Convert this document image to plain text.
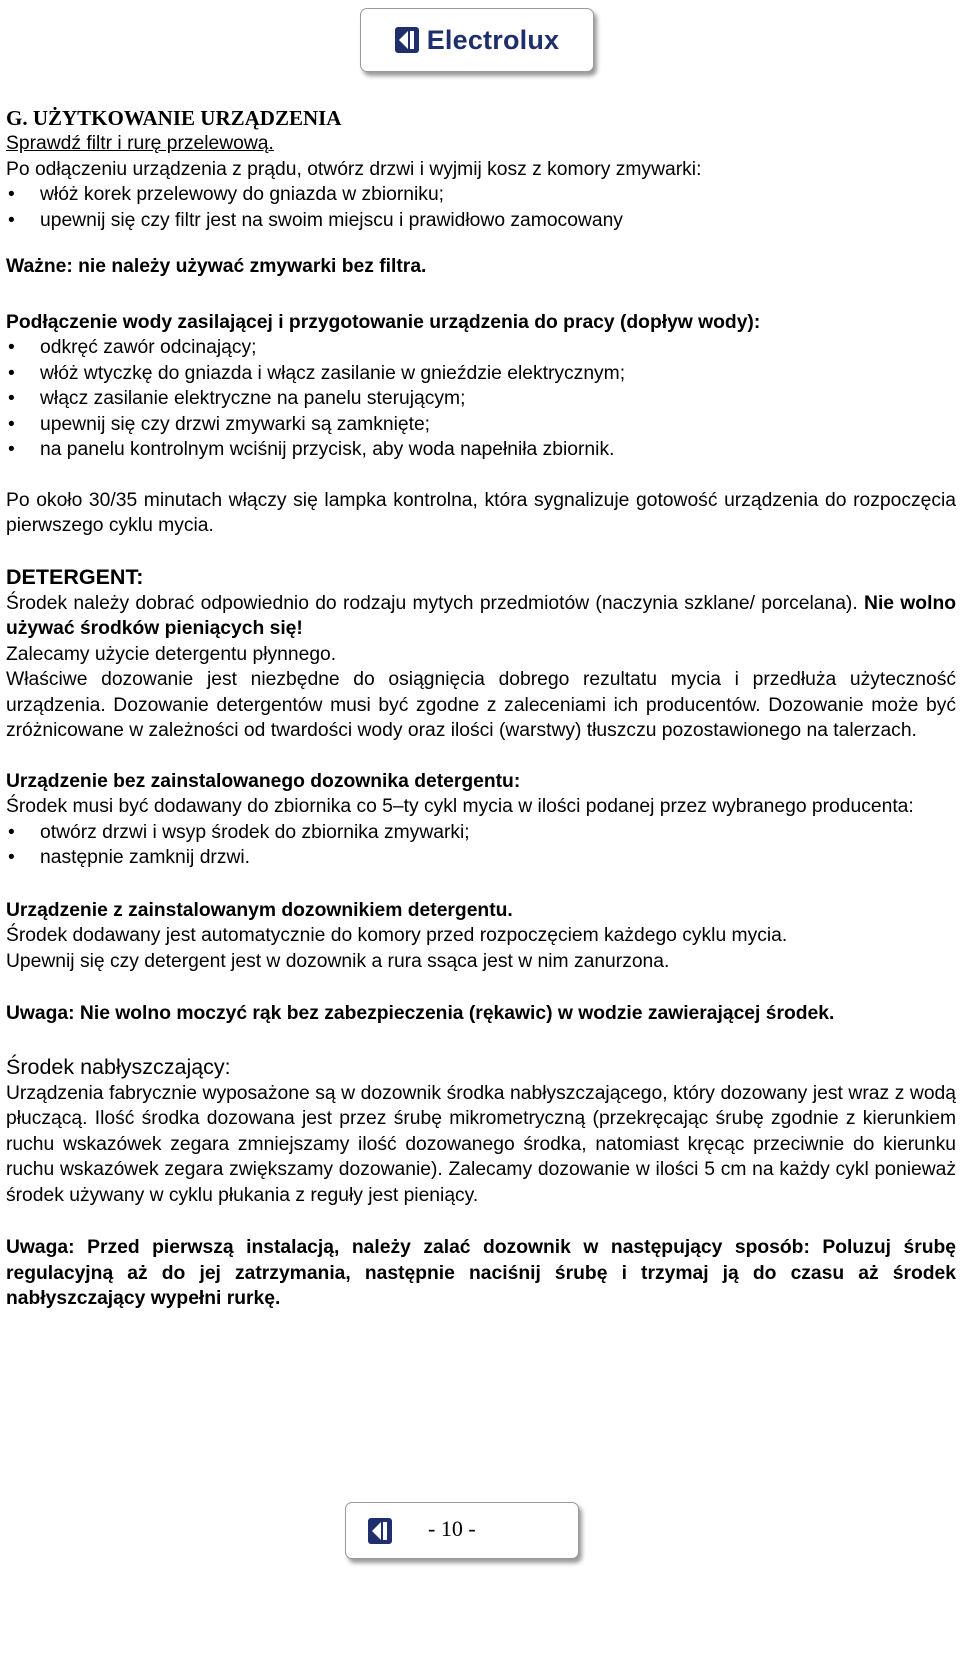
Electrolux

G. UŻYTKOWANIE URZĄDZENIA

Sprawdź filtr i rurę przelewową.

Po odłączeniu urządzenia z prądu, otwórz drzwi i wyjmij kosz z komory zmywarki:

• włóż korek przelewowy do gniazda w zbiorniku;
• upewnij się czy filtr jest na swoim miejscu i prawidłowo zamocowany

Ważne: nie należy używać zmywarki bez filtra.

Podłączenie wody zasilającej i przygotowanie urządzenia do pracy (dopływ wody):

• odkręć zawór odcinający;
• włóż wtyczkę do gniazda i włącz zasilanie w gnieździe elektrycznym;
• włącz zasilanie elektryczne na panelu sterującym;
• upewnij się czy drzwi zmywarki są zamknięte;
• na panelu kontrolnym wciśnij przycisk, aby woda napełniła zbiornik.

Po około 30/35 minutach włączy się lampka kontrolna, która sygnalizuje gotowość urządzenia do rozpoczęcia pierwszego cyklu mycia.

DETERGENT:

Środek należy dobrać odpowiednio do rodzaju mytych przedmiotów (naczynia szklane/ porcelana). Nie wolno używać środków pieniących się!

Zalecamy użycie detergentu płynnego.

Właściwe dozowanie jest niezbędne do osiągnięcia dobrego rezultatu mycia i przedłuża użyteczność urządzenia. Dozowanie detergentów musi być zgodne z zaleceniami ich producentów. Dozowanie może być zróżnicowane w zależności od twardości wody oraz ilości (warstwy) tłuszczu pozostawionego na talerzach.

Urządzenie bez zainstalowanego dozownika detergentu:

Środek musi być dodawany do zbiornika co 5–ty cykl mycia w ilości podanej przez wybranego producenta:

• otwórz drzwi i wsyp środek do zbiornika zmywarki;
• następnie zamknij drzwi.

Urządzenie z zainstalowanym dozownikiem detergentu.

Środek dodawany jest automatycznie do komory przed rozpoczęciem każdego cyklu mycia.

Upewnij się czy detergent jest w dozownik a rura ssąca jest w nim zanurzona.

Uwaga: Nie wolno moczyć rąk bez zabezpieczenia (rękawic) w wodzie zawierającej środek.

Środek nabłyszczający:

Urządzenia fabrycznie wyposażone są w dozownik środka nabłyszczającego, który dozowany jest wraz z wodą płuczącą. Ilość środka dozowana jest przez śrubę mikrometryczną (przekręcając śrubę zgodnie z kierunkiem ruchu wskazówek zegara zmniejszamy ilość dozowanego środka, natomiast kręcąc przeciwnie do kierunku ruchu wskazówek zegara zwiększamy dozowanie). Zalecamy dozowanie w ilości 5 cm na każdy cykl ponieważ środek używany w cyklu płukania z reguły jest pieniący.

Uwaga: Przed pierwszą instalacją, należy zalać dozownik w następujący sposób: Poluzuj śrubę regulacyjną aż do jej zatrzymania, następnie naciśnij śrubę i trzymaj ją do czasu aż środek nabłyszczający wypełni rurkę.

- 10 -
